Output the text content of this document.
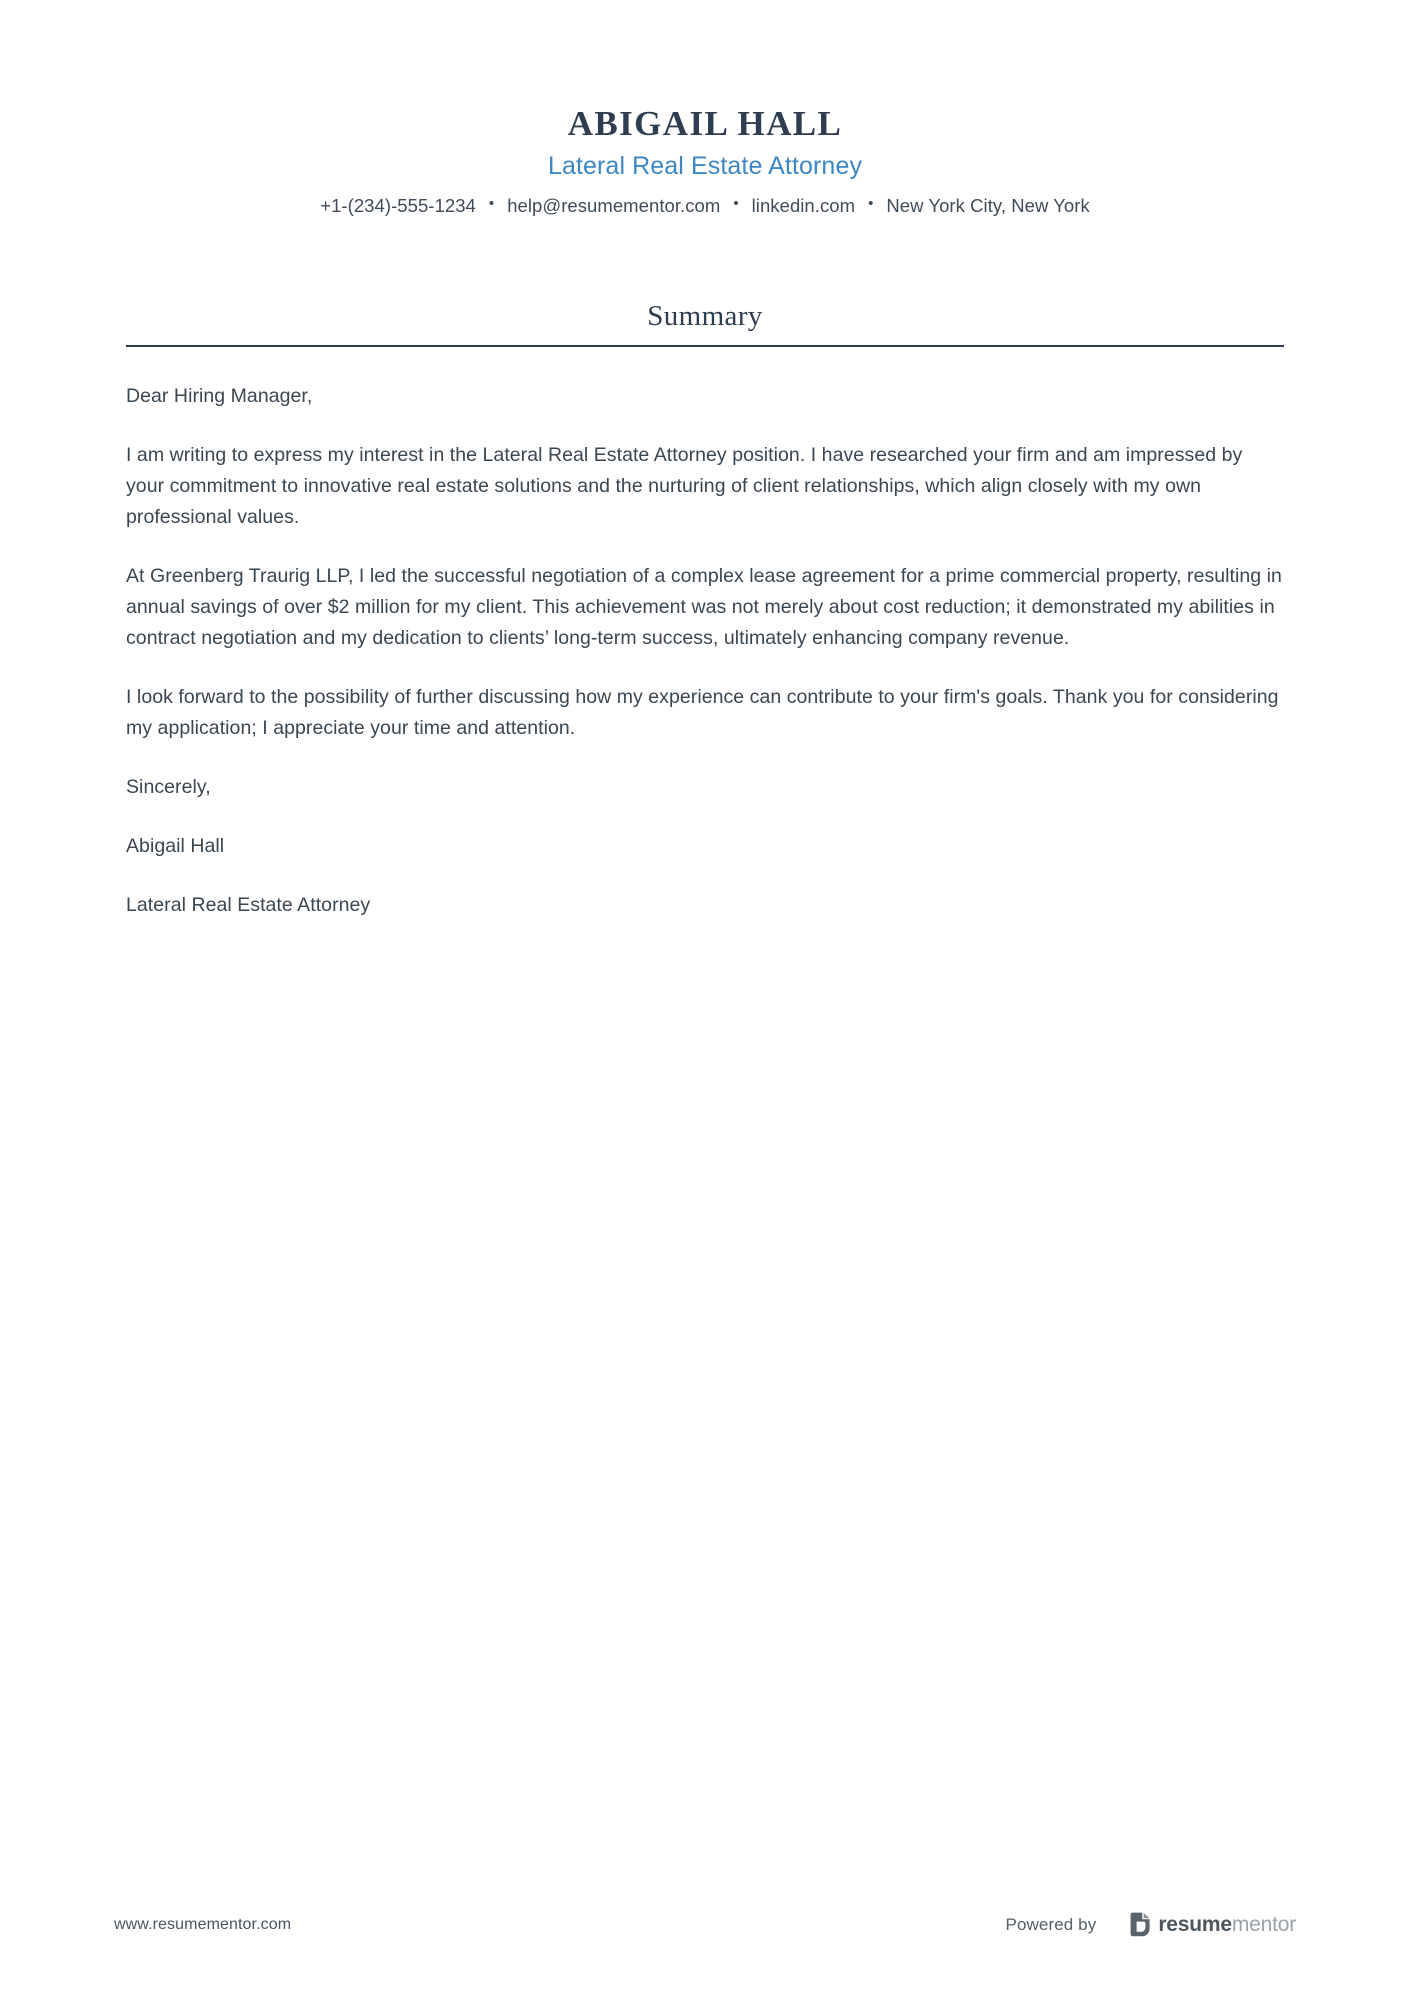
ABIGAIL HALL
Lateral Real Estate Attorney
+1-(234)-555-1234 • help@resumementor.com • linkedin.com • New York City, New York
Summary

Dear Hiring Manager,

I am writing to express my interest in the Lateral Real Estate Attorney position. I have researched your firm and am impressed by your commitment to innovative real estate solutions and the nurturing of client relationships, which align closely with my own professional values.

At Greenberg Traurig LLP, I led the successful negotiation of a complex lease agreement for a prime commercial property, resulting in annual savings of over $2 million for my client. This achievement was not merely about cost reduction; it demonstrated my abilities in contract negotiation and my dedication to clients’ long-term success, ultimately enhancing company revenue.

I look forward to the possibility of further discussing how my experience can contribute to your firm's goals. Thank you for considering my application; I appreciate your time and attention.

Sincerely,

Abigail Hall

Lateral Real Estate Attorney

www.resumementor.com	Powered by	resumementor
